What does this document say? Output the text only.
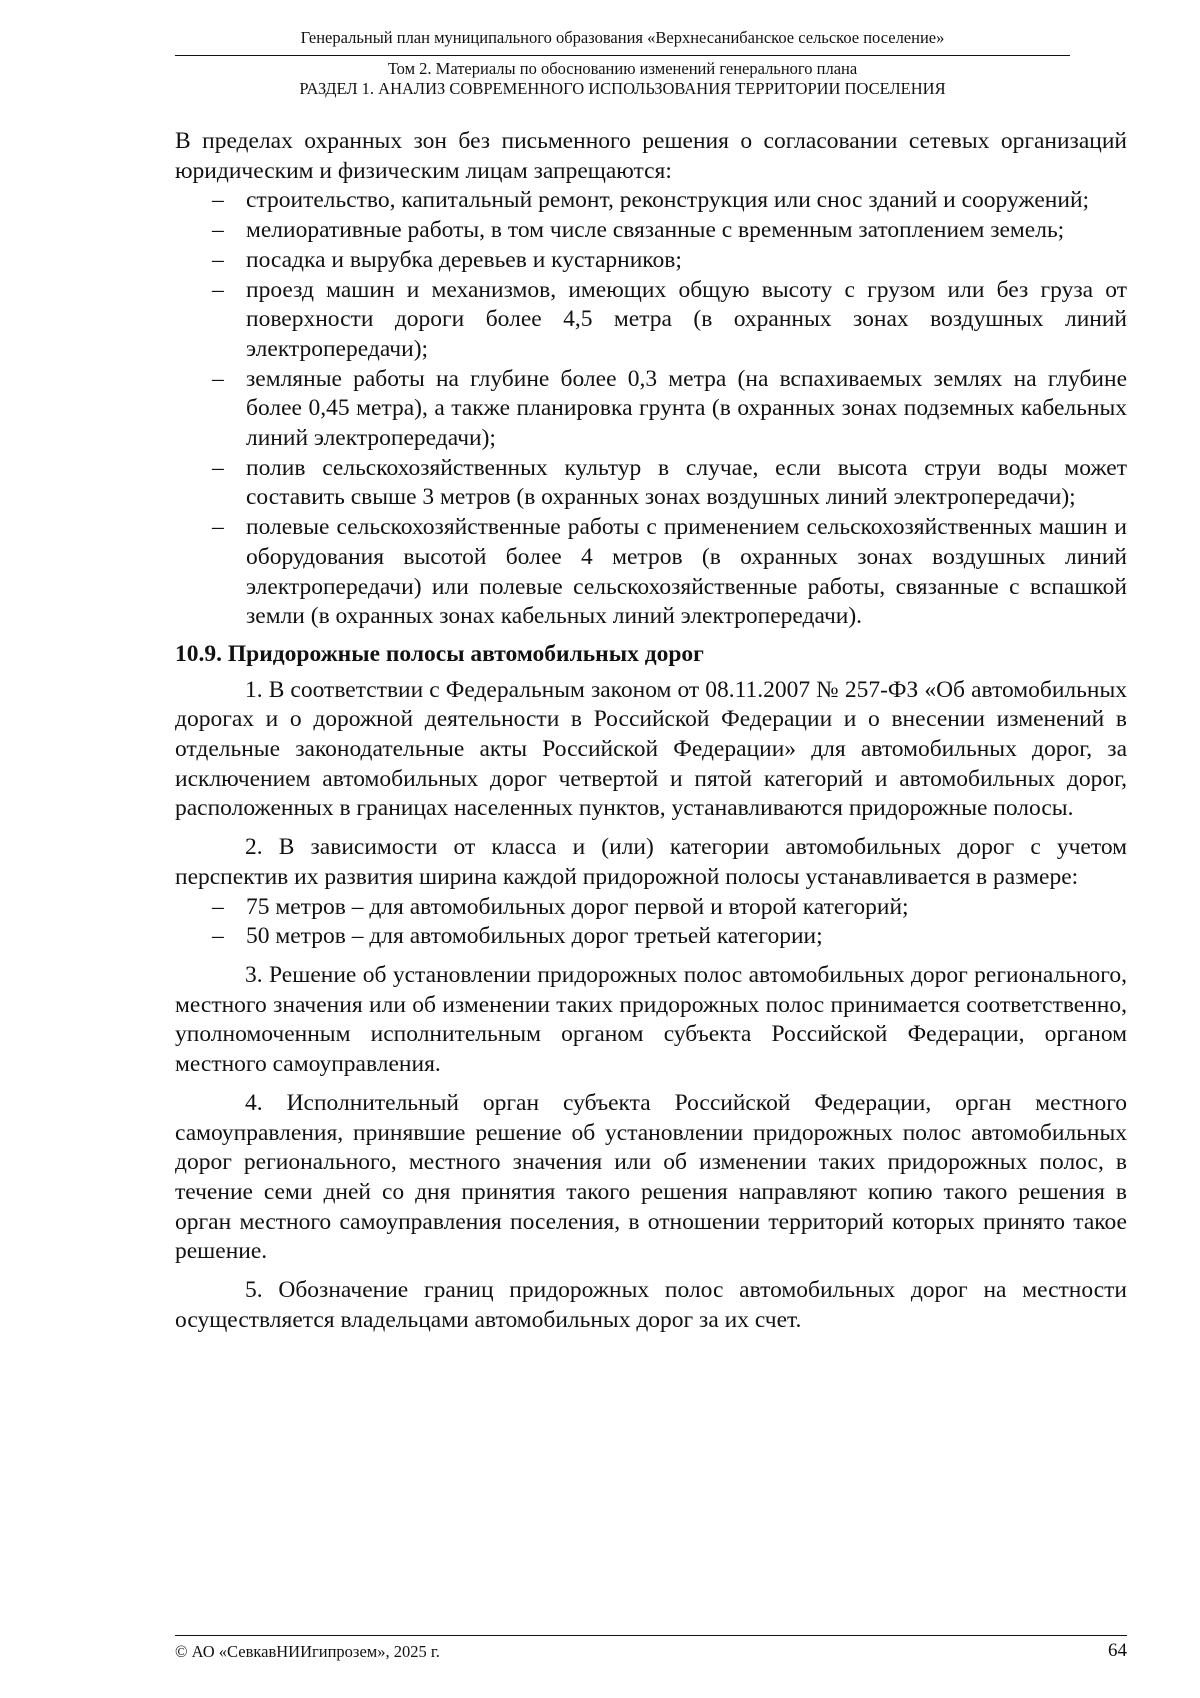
Генеральный план муниципального образования «Верхнесанибанское сельское поселение»
Том 2. Материалы по обоснованию изменений генерального плана
РАЗДЕЛ 1. АНАЛИЗ СОВРЕМЕННОГО ИСПОЛЬЗОВАНИЯ ТЕРРИТОРИИ ПОСЕЛЕНИЯ

В пределах охранных зон без письменного решения о согласовании сетевых организаций юридическим и физическим лицам запрещаются:

– строительство, капитальный ремонт, реконструкция или снос зданий и сооружений;
– мелиоративные работы, в том числе связанные с временным затоплением земель;
– посадка и вырубка деревьев и кустарников;
– проезд машин и механизмов, имеющих общую высоту с грузом или без груза от поверхности дороги более 4,5 метра (в охранных зонах воздушных линий электропередачи);
– земляные работы на глубине более 0,3 метра (на вспахиваемых землях на глубине более 0,45 метра), а также планировка грунта (в охранных зонах подземных кабельных линий электропередачи);
– полив сельскохозяйственных культур в случае, если высота струи воды может составить свыше 3 метров (в охранных зонах воздушных линий электропередачи);
– полевые сельскохозяйственные работы с применением сельскохозяйственных машин и оборудования высотой более 4 метров (в охранных зонах воздушных линий электропередачи) или полевые сельскохозяйственные работы, связанные с вспашкой земли (в охранных зонах кабельных линий электропередачи).
10.9. Придорожные полосы автомобильных дорог

1. В соответствии с Федеральным законом от 08.11.2007 № 257-ФЗ «Об автомобильных дорогах и о дорожной деятельности в Российской Федерации и о внесении изменений в отдельные законодательные акты Российской Федерации» для автомобильных дорог, за исключением автомобильных дорог четвертой и пятой категорий и автомобильных дорог, расположенных в границах населенных пунктов, устанавливаются придорожные полосы.

2. В зависимости от класса и (или) категории автомобильных дорог с учетом перспектив их развития ширина каждой придорожной полосы устанавливается в размере:

– 75 метров – для автомобильных дорог первой и второй категорий;
– 50 метров – для автомобильных дорог третьей категории;

3. Решение об установлении придорожных полос автомобильных дорог регионального, местного значения или об изменении таких придорожных полос принимается соответственно, уполномоченным исполнительным органом субъекта Российской Федерации, органом местного самоуправления.

4. Исполнительный орган субъекта Российской Федерации, орган местного самоуправления, принявшие решение об установлении придорожных полос автомобильных дорог регионального, местного значения или об изменении таких придорожных полос, в течение семи дней со дня принятия такого решения направляют копию такого решения в орган местного самоуправления поселения, в отношении территорий которых принято такое решение.

5. Обозначение границ придорожных полос автомобильных дорог на местности осуществляется владельцами автомобильных дорог за их счет.

© АО «СевкавНИИгипрозем», 2025 г.	64
